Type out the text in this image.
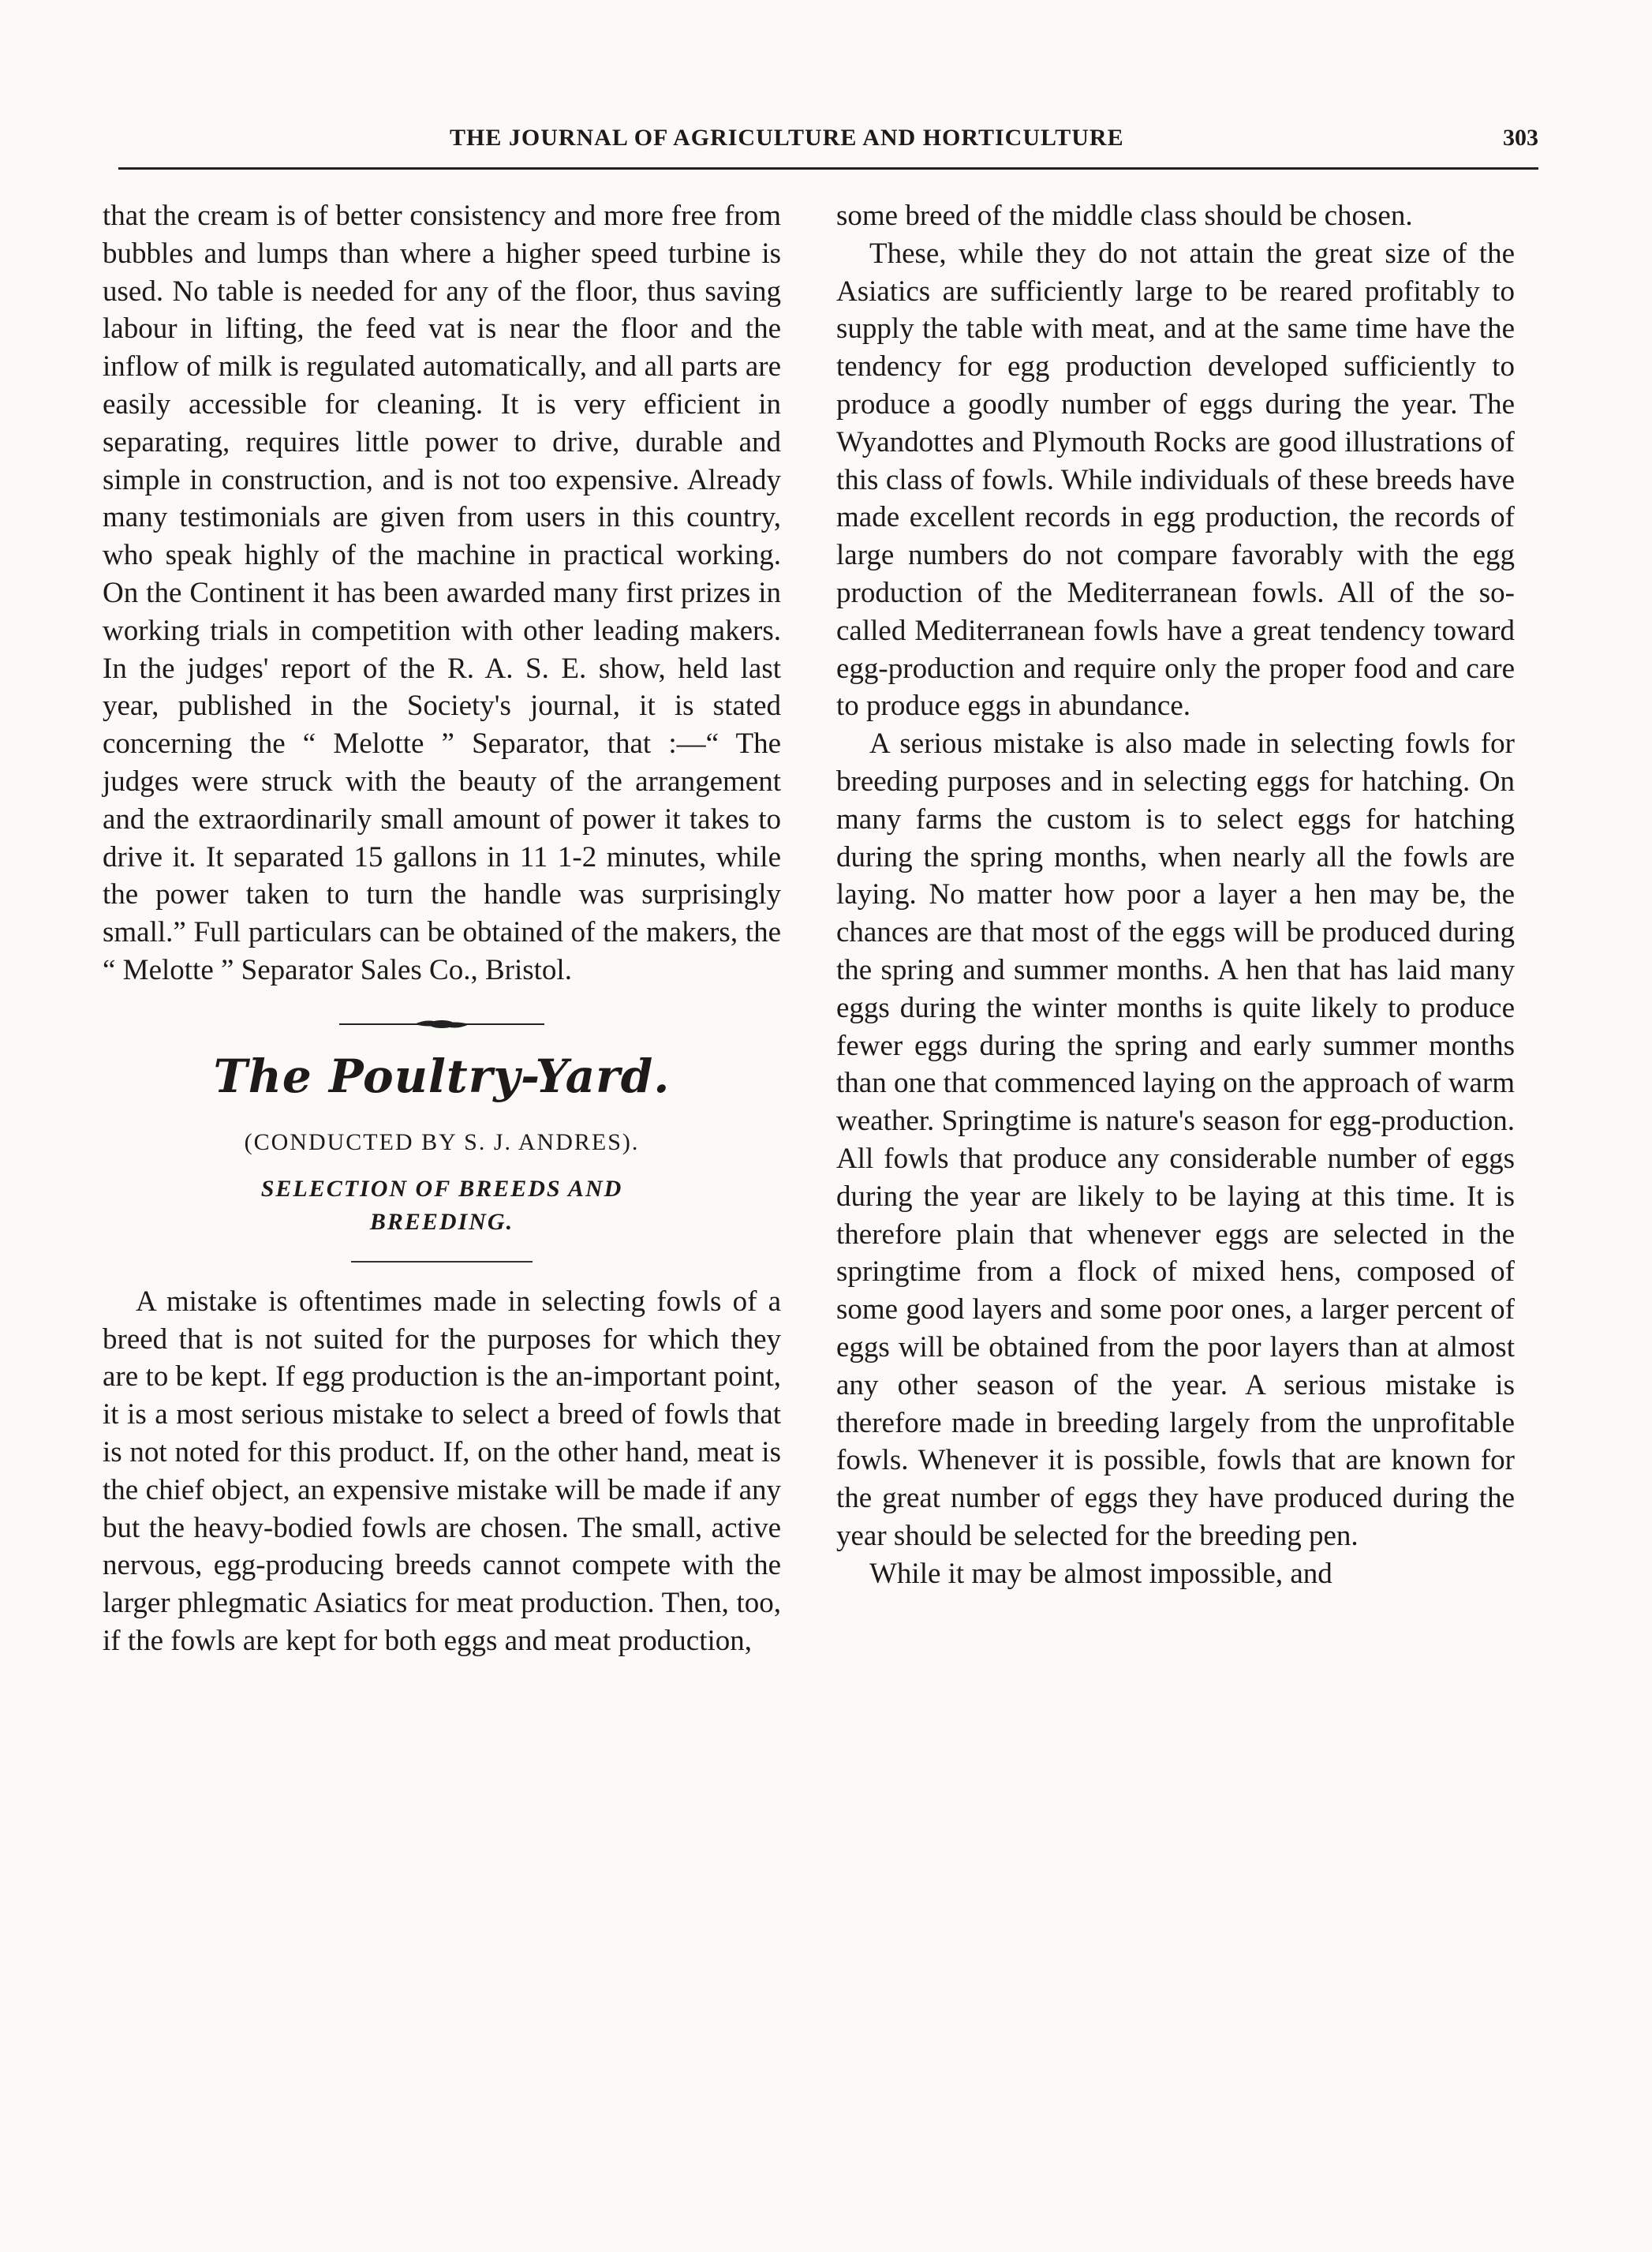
THE JOURNAL OF AGRICULTURE AND HORTICULTURE	303

that the cream is of better consistency and more free from bubbles and lumps than where a higher speed turbine is used. No table is needed for any of the floor, thus saving labour in lifting, the feed vat is near the floor and the inflow of milk is regulated automatically, and all parts are easily accessible for cleaning. It is very efficient in separating, requires little power to drive, durable and simple in construction, and is not too expensive. Already many testimonials are given from users in this country, who speak highly of the machine in practical working. On the Continent it has been awarded many first prizes in working trials in competition with other leading makers. In the judges' report of the R. A. S. E. show, held last year, published in the Society's journal, it is stated concerning the “ Melotte ” Separator, that :—“ The judges were struck with the beauty of the arrangement and the extraordinarily small amount of power it takes to drive it. It separated 15 gallons in 11 1-2 minutes, while the power taken to turn the handle was surprisingly small.” Full particulars can be obtained of the makers, the “ Melotte ” Separator Sales Co., Bristol.

The Poultry-Yard.
(CONDUCTED BY S. J. ANDRES).
SELECTION OF BREEDS AND
BREEDING.

A mistake is oftentimes made in selecting fowls of a breed that is not suited for the purposes for which they are to be kept. If egg production is the an-important point, it is a most serious mistake to select a breed of fowls that is not noted for this product. If, on the other hand, meat is the chief object, an expensive mistake will be made if any but the heavy-bodied fowls are chosen. The small, active nervous, egg-producing breeds cannot compete with the larger phlegmatic Asiatics for meat production. Then, too, if the fowls are kept for both eggs and meat production,

some breed of the middle class should be chosen.

These, while they do not attain the great size of the Asiatics are sufficiently large to be reared profitably to supply the table with meat, and at the same time have the tendency for egg production developed sufficiently to produce a goodly number of eggs during the year. The Wyandottes and Plymouth Rocks are good illustrations of this class of fowls. While individuals of these breeds have made excellent records in egg production, the records of large numbers do not compare favorably with the egg production of the Mediterranean fowls. All of the so-called Mediterranean fowls have a great tendency toward egg-production and require only the proper food and care to produce eggs in abundance.

A serious mistake is also made in selecting fowls for breeding purposes and in selecting eggs for hatching. On many farms the custom is to select eggs for hatching during the spring months, when nearly all the fowls are laying. No matter how poor a layer a hen may be, the chances are that most of the eggs will be produced during the spring and summer months. A hen that has laid many eggs during the winter months is quite likely to produce fewer eggs during the spring and early summer months than one that commenced laying on the approach of warm weather. Springtime is nature's season for egg-production. All fowls that produce any considerable number of eggs during the year are likely to be laying at this time. It is therefore plain that whenever eggs are selected in the springtime from a flock of mixed hens, composed of some good layers and some poor ones, a larger percent of eggs will be obtained from the poor layers than at almost any other season of the year. A serious mistake is therefore made in breeding largely from the unprofitable fowls. Whenever it is possible, fowls that are known for the great number of eggs they have produced during the year should be selected for the breeding pen.

While it may be almost impossible, and
